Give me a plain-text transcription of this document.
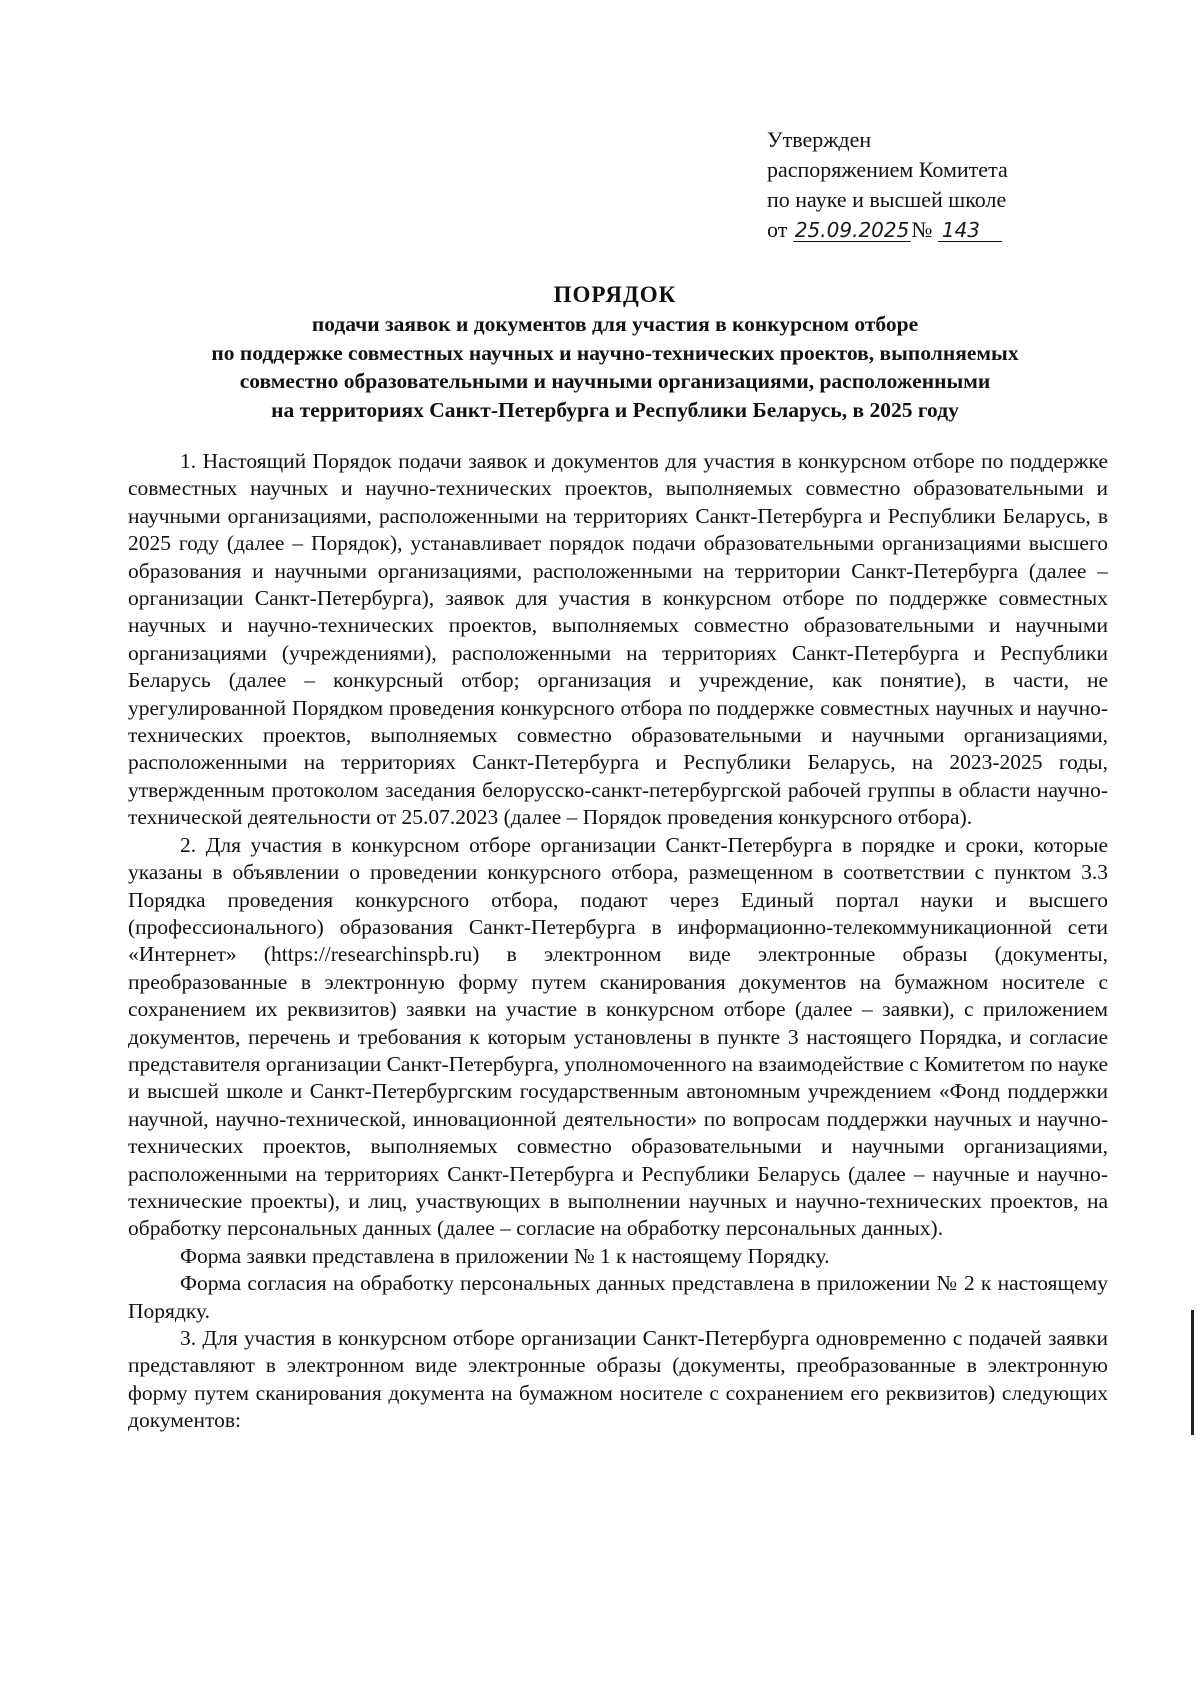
Утвержден
распоряжением Комитета
по науке и высшей школе
от 25.09.2025№ 143
ПОРЯДОК
подачи заявок и документов для участия в конкурсном отборе
по поддержке совместных научных и научно-технических проектов, выполняемых
совместно образовательными и научными организациями, расположенными
на территориях Санкт-Петербурга и Республики Беларусь, в 2025 году

1. Настоящий Порядок подачи заявок и документов для участия в конкурсном отборе по поддержке совместных научных и научно-технических проектов, выполняемых совместно образовательными и научными организациями, расположенными на территориях Санкт-Петербурга и Республики Беларусь, в 2025 году (далее – Порядок), устанавливает порядок подачи образовательными организациями высшего образования и научными организациями, расположенными на территории Санкт-Петербурга (далее – организации Санкт-Петербурга), заявок для участия в конкурсном отборе по поддержке совместных научных и научно-технических проектов, выполняемых совместно образовательными и научными организациями (учреждениями), расположенными на территориях Санкт-Петербурга и Республики Беларусь (далее – конкурсный отбор; организация и учреждение, как понятие), в части, не урегулированной Порядком проведения конкурсного отбора по поддержке совместных научных и научно-технических проектов, выполняемых совместно образовательными и научными организациями, расположенными на территориях Санкт-Петербурга и Республики Беларусь, на 2023-2025 годы, утвержденным протоколом заседания белорусско-санкт-петербургской рабочей группы в области научно-технической деятельности от 25.07.2023 (далее – Порядок проведения конкурсного отбора).

2. Для участия в конкурсном отборе организации Санкт-Петербурга в порядке и сроки, которые указаны в объявлении о проведении конкурсного отбора, размещенном в соответствии с пунктом 3.3 Порядка проведения конкурсного отбора, подают через Единый портал науки и высшего (профессионального) образования Санкт-Петербурга в информационно-телекоммуникационной сети «Интернет» (https://researchinspb.ru) в электронном виде электронные образы (документы, преобразованные в электронную форму путем сканирования документов на бумажном носителе с сохранением их реквизитов) заявки на участие в конкурсном отборе (далее – заявки), с приложением документов, перечень и требования к которым установлены в пункте 3 настоящего Порядка, и согласие представителя организации Санкт-Петербурга, уполномоченного на взаимодействие с Комитетом по науке и высшей школе и Санкт-Петербургским государственным автономным учреждением «Фонд поддержки научной, научно-технической, инновационной деятельности» по вопросам поддержки научных и научно-технических проектов, выполняемых совместно образовательными и научными организациями, расположенными на территориях Санкт-Петербурга и Республики Беларусь (далее – научные и научно-технические проекты), и лиц, участвующих в выполнении научных и научно-технических проектов, на обработку персональных данных (далее – согласие на обработку персональных данных).

Форма заявки представлена в приложении № 1 к настоящему Порядку.

Форма согласия на обработку персональных данных представлена в приложении № 2 к настоящему Порядку.

3. Для участия в конкурсном отборе организации Санкт-Петербурга одновременно с подачей заявки представляют в электронном виде электронные образы (документы, преобразованные в электронную форму путем сканирования документа на бумажном носителе с сохранением его реквизитов) следующих документов:
